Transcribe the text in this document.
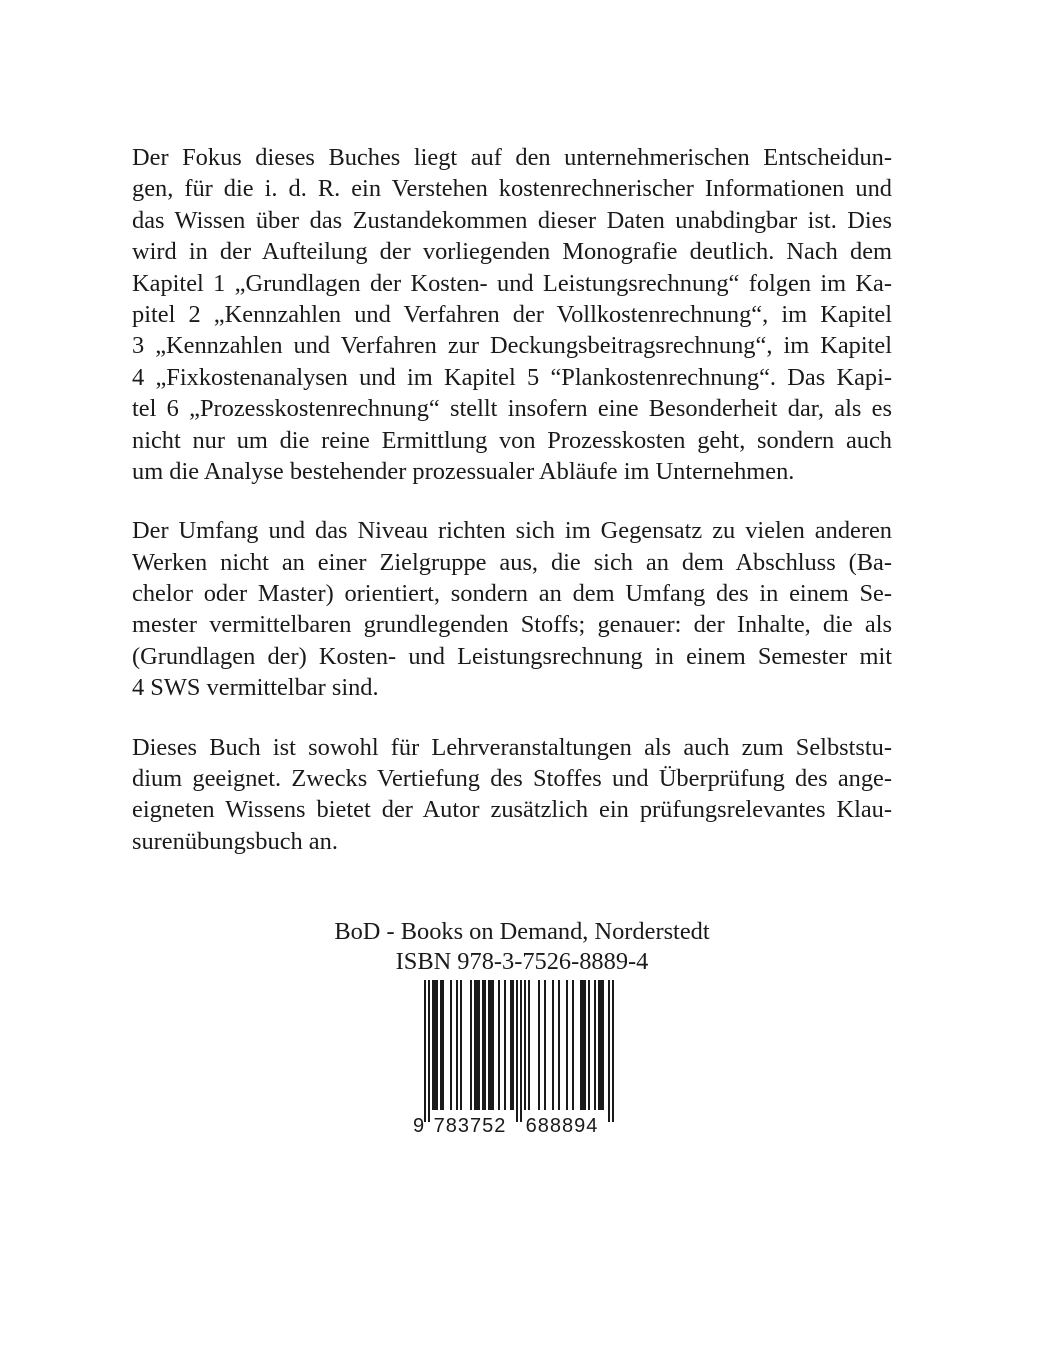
Der Fokus dieses Buches liegt auf den unternehmerischen Entscheidun-
gen, für die i. d. R. ein Verstehen kostenrechnerischer Informationen und
das Wissen über das Zustandekommen dieser Daten unabdingbar ist. Dies
wird in der Aufteilung der vorliegenden Monografie deutlich. Nach dem
Kapitel 1 „Grundlagen der Kosten- und Leistungsrechnung“ folgen im Ka-
pitel 2 „Kennzahlen und Verfahren der Vollkostenrechnung“, im Kapitel
3 „Kennzahlen und Verfahren zur Deckungsbeitragsrechnung“, im Kapitel
4 „Fixkostenanalysen und im Kapitel 5 “Plankostenrechnung“. Das Kapi-
tel 6 „Prozesskostenrechnung“ stellt insofern eine Besonderheit dar, als es
nicht nur um die reine Ermittlung von Prozesskosten geht, sondern auch
um die Analyse bestehender prozessualer Abläufe im Unternehmen.

Der Umfang und das Niveau richten sich im Gegensatz zu vielen anderen
Werken nicht an einer Zielgruppe aus, die sich an dem Abschluss (Ba-
chelor oder Master) orientiert, sondern an dem Umfang des in einem Se-
mester vermittelbaren grundlegenden Stoffs; genauer: der Inhalte, die als
(Grundlagen der) Kosten- und Leistungsrechnung in einem Semester mit
4 SWS vermittelbar sind.

Dieses Buch ist sowohl für Lehrveranstaltungen als auch zum Selbststu-
dium geeignet. Zwecks Vertiefung des Stoffes und Überprüfung des ange-
eigneten Wissens bietet der Autor zusätzlich ein prüfungsrelevantes Klau-
surenübungsbuch an.

BoD - Books on Demand, Norderstedt
ISBN 978-3-7526-8889-4
9 783752 688894
